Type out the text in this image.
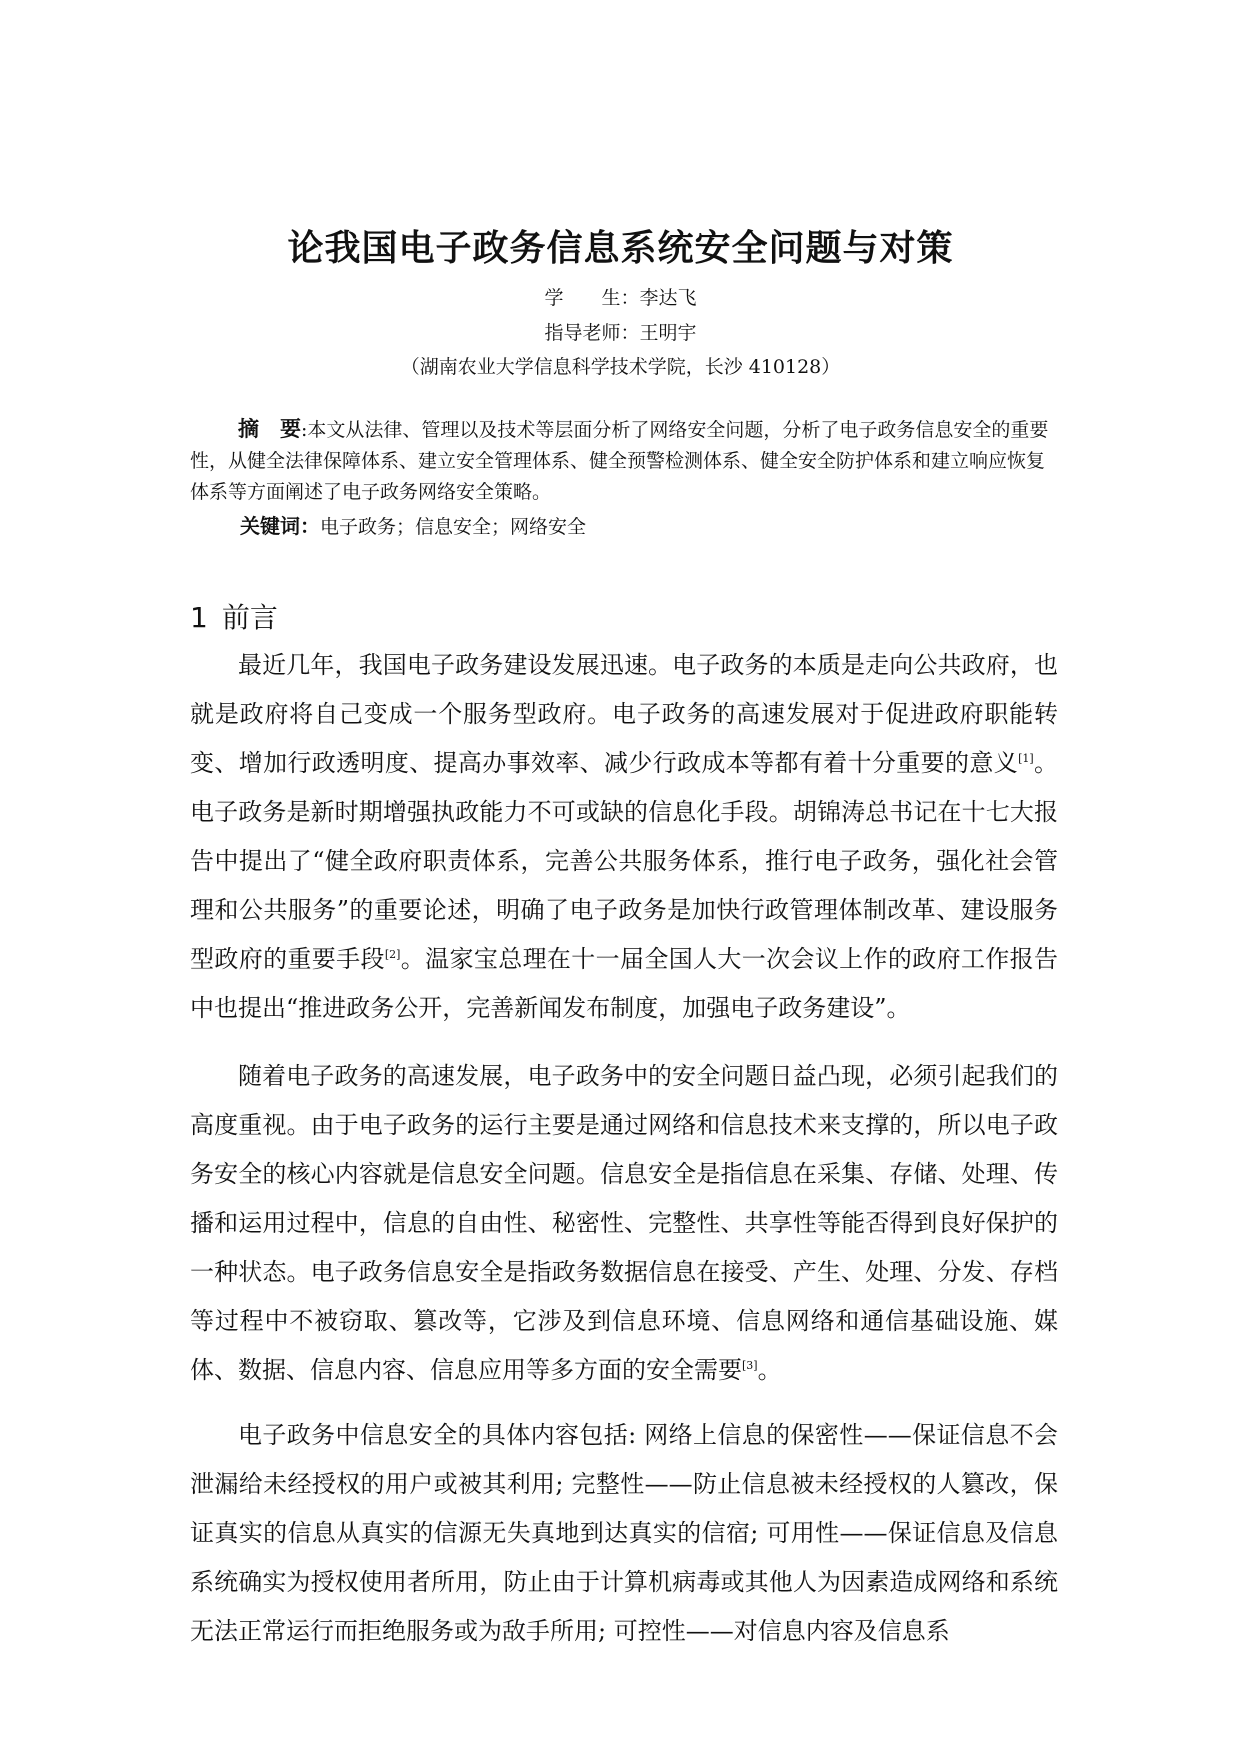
论我国电子政务信息系统安全问题与对策
学　　生：李达飞
指导老师：王明宇
（湖南农业大学信息科学技术学院，长沙 410128）
摘　要:本文从法律、管理以及技术等层面分析了网络安全问题，分析了电子政务信息安全的重要性，从健全法律保障体系、建立安全管理体系、健全预警检测体系、健全安全防护体系和建立响应恢复体系等方面阐述了电子政务网络安全策略。
关键词：电子政务；信息安全；网络安全
1 前言
最近几年，我国电子政务建设发展迅速。电子政务的本质是走向公共政府，也就是政府将自己变成一个服务型政府。电子政务的高速发展对于促进政府职能转变、增加行政透明度、提高办事效率、减少行政成本等都有着十分重要的意义[1]。电子政务是新时期增强执政能力不可或缺的信息化手段。胡锦涛总书记在十七大报告中提出了“健全政府职责体系，完善公共服务体系，推行电子政务，强化社会管理和公共服务”的重要论述，明确了电子政务是加快行政管理体制改革、建设服务型政府的重要手段[2]。温家宝总理在十一届全国人大一次会议上作的政府工作报告中也提出“推进政务公开，完善新闻发布制度，加强电子政务建设”。
随着电子政务的高速发展，电子政务中的安全问题日益凸现，必须引起我们的高度重视。由于电子政务的运行主要是通过网络和信息技术来支撑的，所以电子政务安全的核心内容就是信息安全问题。信息安全是指信息在采集、存储、处理、传播和运用过程中，信息的自由性、秘密性、完整性、共享性等能否得到良好保护的一种状态。电子政务信息安全是指政务数据信息在接受、产生、处理、分发、存档等过程中不被窃取、篡改等，它涉及到信息环境、信息网络和通信基础设施、媒体、数据、信息内容、信息应用等多方面的安全需要[3]。
电子政务中信息安全的具体内容包括: 网络上信息的保密性——保证信息不会泄漏给未经授权的用户或被其利用; 完整性——防止信息被未经授权的人篡改，保证真实的信息从真实的信源无失真地到达真实的信宿; 可用性——保证信息及信息系统确实为授权使用者所用，防止由于计算机病毒或其他人为因素造成网络和系统无法正常运行而拒绝服务或为敌手所用; 可控性——对信息内容及信息系
